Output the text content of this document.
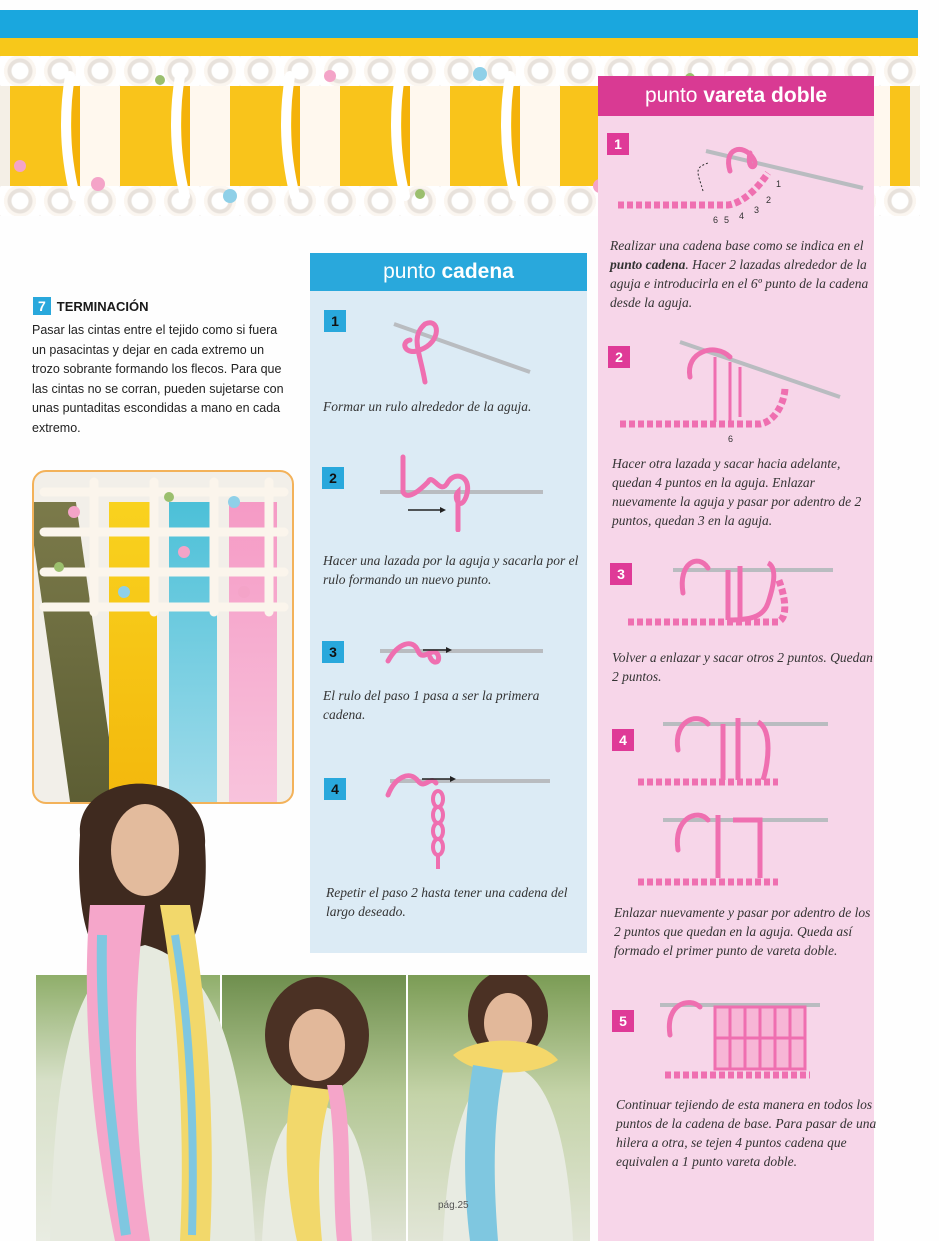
7 TERMINACIÓN
Pasar las cintas entre el tejido como si fuera un pasacintas y dejar en cada extremo un trozo sobrante formando los flecos. Para que las cintas no se corran, pueden sujetarse con unas puntaditas escondidas a mano en cada extremo.
punto cadena
1
Formar un rulo alrededor de la aguja.
2
Hacer una lazada por la aguja y sacarla por el rulo formando un nuevo punto.
3
El rulo del paso 1 pasa a ser la primera cadena.
4
Repetir el paso 2 hasta tener una cadena del largo deseado.
punto vareta doble
1
6 5 4
3
2
1
Realizar una cadena base como se indica en el punto cadena. Hacer 2 lazadas alrededor de la aguja e introducirla en el 6º punto de la cadena desde la aguja.
2
6
Hacer otra lazada y sacar hacia adelante, quedan 4 puntos en la aguja. Enlazar nuevamente la aguja y pasar por adentro de 2 puntos, quedan 3 en la aguja.
3
Volver a enlazar y sacar otros 2 puntos. Quedan 2 puntos.
4
Enlazar nuevamente y pasar por adentro de los 2 puntos que quedan en la aguja. Queda así formado el primer punto de vareta doble.
5
Continuar tejiendo de esta manera en todos los puntos de la cadena de base. Para pasar de una hilera a otra, se tejen 4 puntos cadena que equivalen a 1 punto vareta doble.
pág.25
